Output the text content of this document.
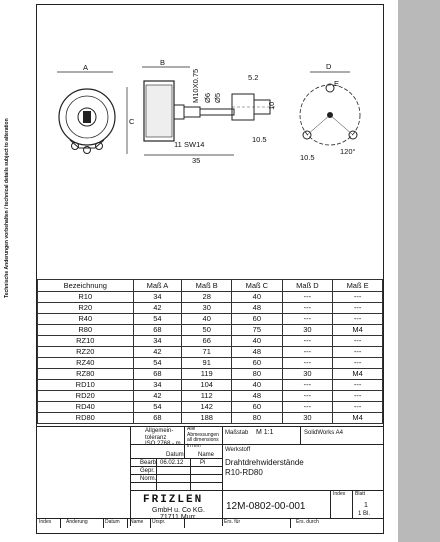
Technische Änderungen vorbehalten / technical details subject to alteration
A
C
B
35
11 SW14
M10X0.75 Ø6 Ø5
5.2
10
10.5
D
E
10.5
120°
Bezeichnung	Maß A	Maß B	Maß C	Maß D	Maß E
R10	34	28	40	---	---
R20	42	30	48	---	---
R40	54	40	60	---	---
R80	68	50	75	30	M4
RZ10	34	66	40	---	---
RZ20	42	71	48	---	---
RZ40	54	91	60	---	---
RZ80	68	119	80	30	M4
RD10	34	104	40	---	---
RD20	42	112	48	---	---
RD40	54	142	60	---	---
RD80	68	188	80	30	M4
Allgemein-
toleranz
ISO 2768 - m
Alle
Abmessungen
all dimensions
in mm
Maßstab M 1:1	SolidWorks A4
Werkstoff
Datum Name
Bearb. 06.02.12	Pi
Gepr.
Norm.
Drahtdrehwiderstände
R10-RD80
FRIZLEN
GmbH u. Co KG.
71711 Murr
12M-0802-00-001
Index Blatt
1
1 Bl.
Index	Änderung	Datum Name Urspr.	Ers. für	Ers. durch
